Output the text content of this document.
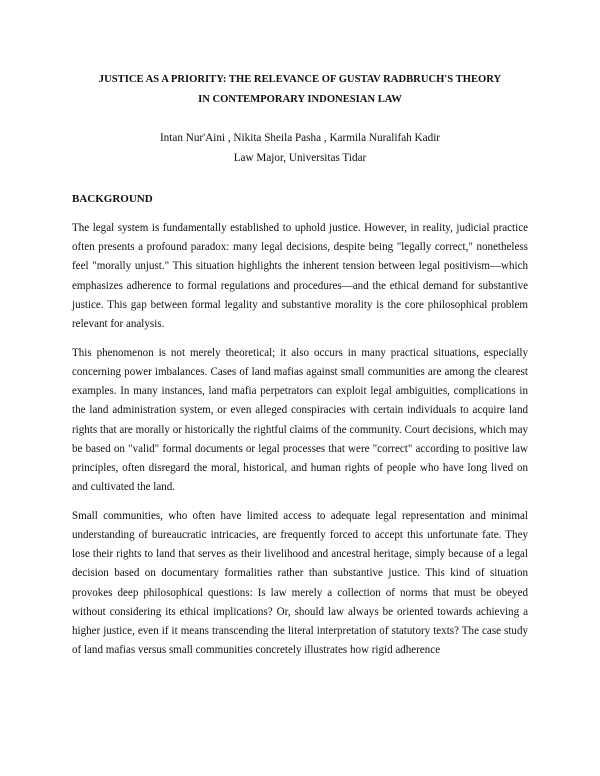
JUSTICE AS A PRIORITY: THE RELEVANCE OF GUSTAV RADBRUCH'S THEORY
IN CONTEMPORARY INDONESIAN LAW
Intan Nur'Aini , Nikita Sheila Pasha , Karmila Nuralifah Kadir
Law Major, Universitas Tidar
BACKGROUND

The legal system is fundamentally established to uphold justice. However, in reality, judicial practice often presents a profound paradox: many legal decisions, despite being "legally correct," nonetheless feel "morally unjust." This situation highlights the inherent tension between legal positivism—which emphasizes adherence to formal regulations and procedures—and the ethical demand for substantive justice. This gap between formal legality and substantive morality is the core philosophical problem relevant for analysis.

This phenomenon is not merely theoretical; it also occurs in many practical situations, especially concerning power imbalances. Cases of land mafias against small communities are among the clearest examples. In many instances, land mafia perpetrators can exploit legal ambiguities, complications in the land administration system, or even alleged conspiracies with certain individuals to acquire land rights that are morally or historically the rightful claims of the community. Court decisions, which may be based on "valid" formal documents or legal processes that were "correct" according to positive law principles, often disregard the moral, historical, and human rights of people who have long lived on and cultivated the land.

Small communities, who often have limited access to adequate legal representation and minimal understanding of bureaucratic intricacies, are frequently forced to accept this unfortunate fate. They lose their rights to land that serves as their livelihood and ancestral heritage, simply because of a legal decision based on documentary formalities rather than substantive justice. This kind of situation provokes deep philosophical questions: Is law merely a collection of norms that must be obeyed without considering its ethical implications? Or, should law always be oriented towards achieving a higher justice, even if it means transcending the literal interpretation of statutory texts? The case study of land mafias versus small communities concretely illustrates how rigid adherence
